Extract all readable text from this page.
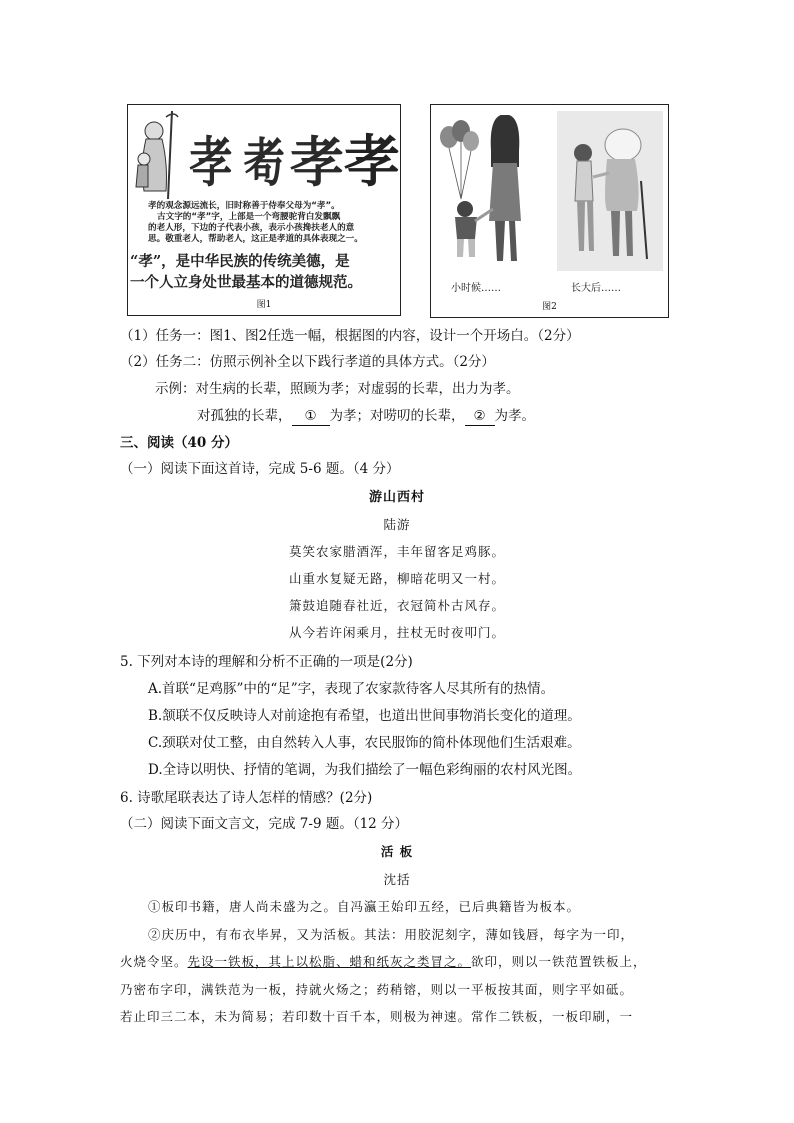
孝 耇 孝 孝
孝的观念源远流长，旧时称善于侍奉父母为“孝”。
古文字的“孝”字，上部是一个弯腰驼背白发飘飘
的老人形，下边的子代表小孩，表示小孩搀扶老人的意
思。敬重老人，帮助老人，这正是孝道的具体表现之一。
“孝”，是中华民族的传统美德，是
一个人立身处世最基本的道德规范。
图1
小时候……	长大后……
图2
（1）任务一：图1、图2任选一幅，根据图的内容，设计一个开场白。（2分）
（2）任务二：仿照示例补全以下践行孝道的具体方式。（2分）
示例：对生病的长辈，照顾为孝；对虚弱的长辈，出力为孝。
对孤独的长辈， ① 为孝；对唠叨的长辈， ② 为孝。
三、阅读（40 分）
（一）阅读下面这首诗，完成 5-6 题。（4 分）
游山西村
陆游
莫笑农家腊酒浑，丰年留客足鸡豚。
山重水复疑无路，柳暗花明又一村。
箫鼓追随春社近，衣冠简朴古风存。
从今若许闲乘月，拄杖无时夜叩门。
5. 下列对本诗的理解和分析不正确的一项是(2分)
A.首联“足鸡豚”中的“足”字，表现了农家款待客人尽其所有的热情。
B.颔联不仅反映诗人对前途抱有希望，也道出世间事物消长变化的道理。
C.颈联对仗工整，由自然转入人事，农民服饰的简朴体现他们生活艰难。
D.全诗以明快、抒情的笔调，为我们描绘了一幅色彩绚丽的农村风光图。
6. 诗歌尾联表达了诗人怎样的情感？(2分)
（二）阅读下面文言文，完成 7-9 题。（12 分）
活 板
沈括
①板印书籍，唐人尚未盛为之。自冯瀛王始印五经，已后典籍皆为板本。
②庆历中，有布衣毕昇，又为活板。其法：用胶泥刻字，薄如钱唇，每字为一印，
火烧令坚。先设一铁板，其上以松脂、蜡和纸灰之类冒之。欲印，则以一铁范置铁板上，
乃密布字印，满铁范为一板，持就火炀之；药稍镕，则以一平板按其面，则字平如砥。
若止印三二本，未为简易；若印数十百千本，则极为神速。常作二铁板，一板印刷，一
